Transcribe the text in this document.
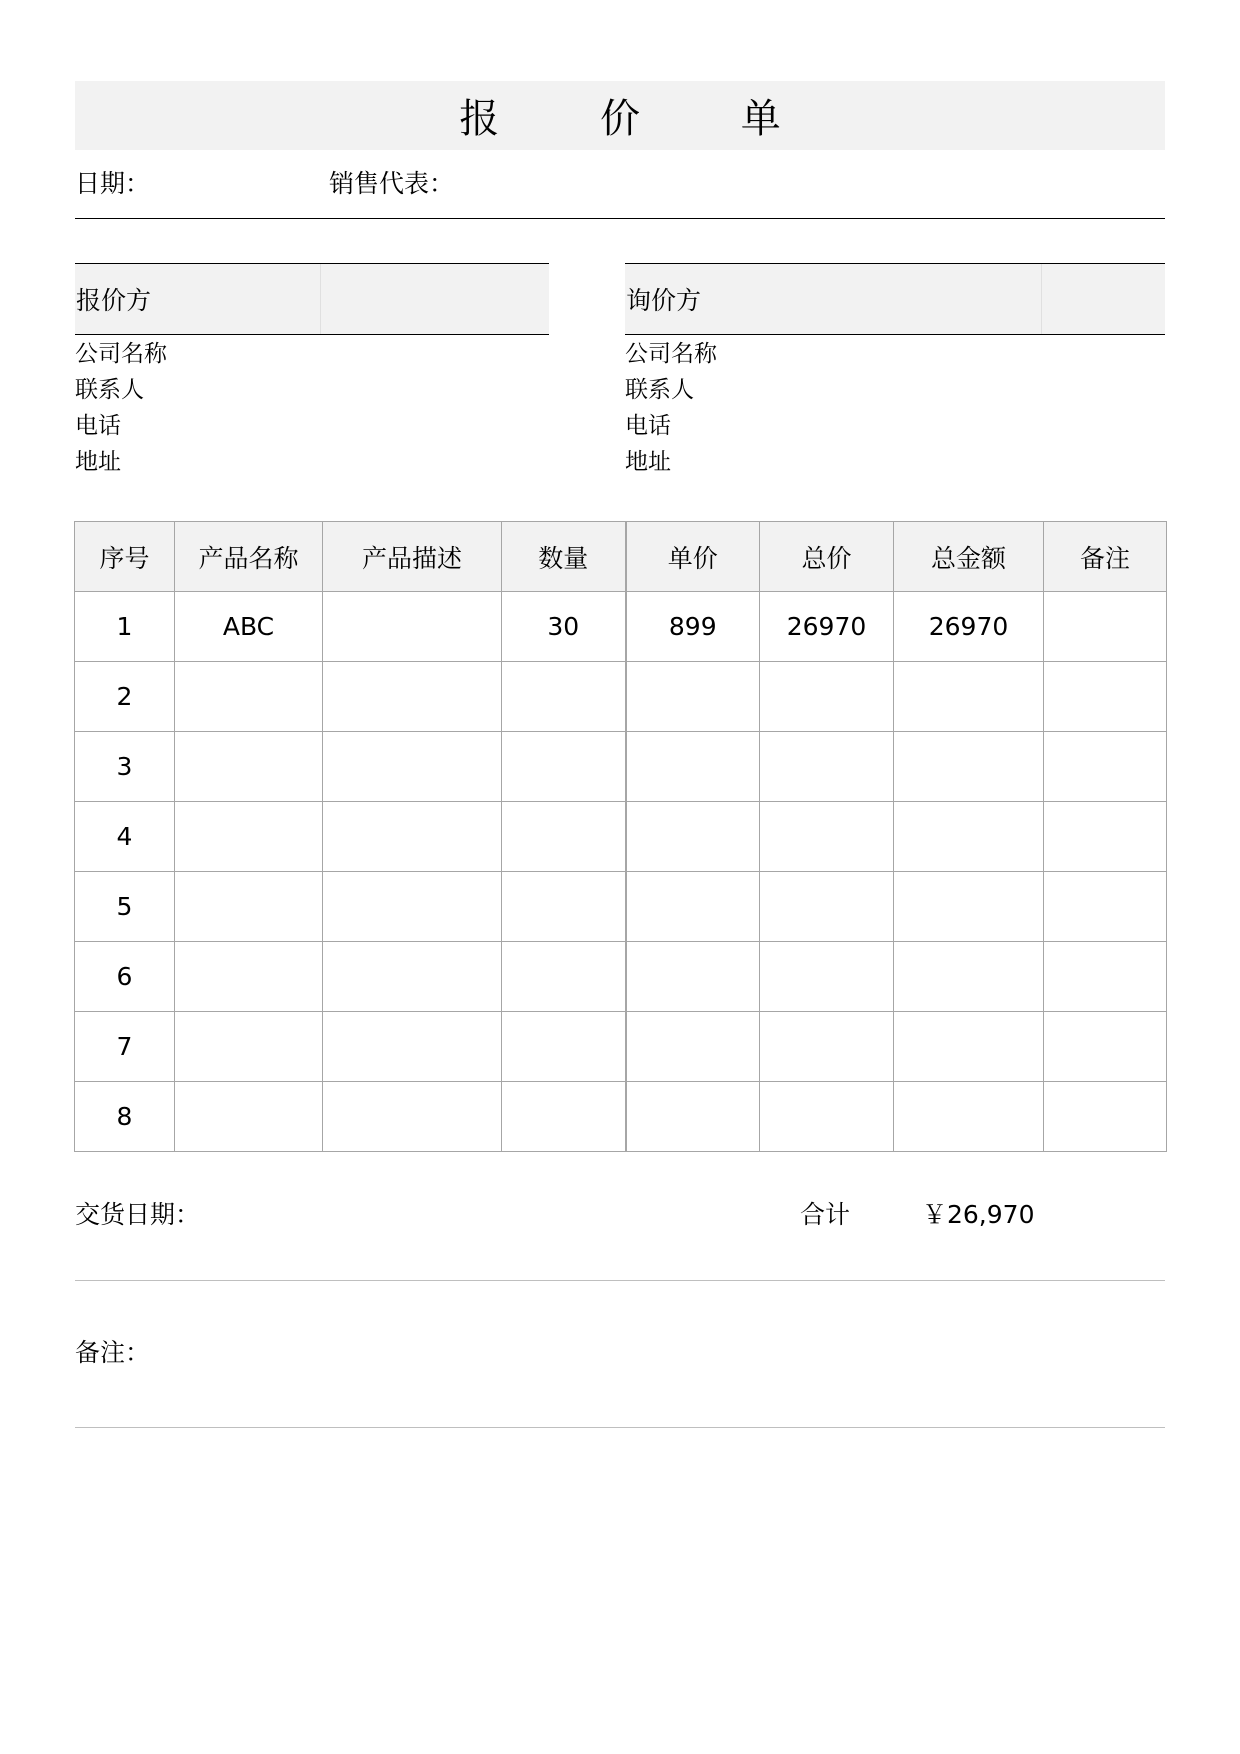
报 价 单
日期：	销售代表：
报价方
公司名称
联系人
电话
地址
询价方
公司名称
联系人
电话
地址
序号	产品名称	产品描述	数量	单价	总价	总金额	备注
1	ABC		30	899	26970	26970	
2							
3							
4							
5							
6							
7							
8							
交货日期：	合计	￥26,970
备注：
